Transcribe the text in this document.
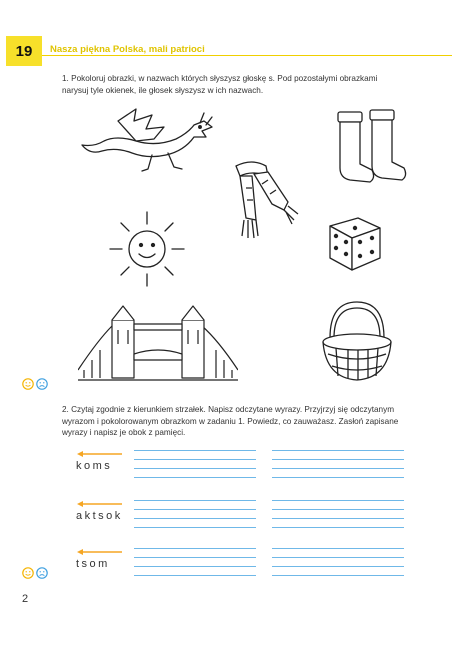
19	Nasza piękna Polska, mali patrioci
1. Pokoloruj obrazki, w nazwach których słyszysz głoskę s. Pod pozostałymi obrazkami narysuj tyle okienek, ile głosek słyszysz w ich nazwach.
2. Czytaj zgodnie z kierunkiem strzałek. Napisz odczytane wyrazy. Przyjrzyj się odczytanym wyrazom i pokolorowanym obrazkom w zadaniu 1. Powiedz, co zauważasz. Zasłoń zapisane wyrazy i napisz je obok z pamięci.
koms
aktsok
tsom
2
